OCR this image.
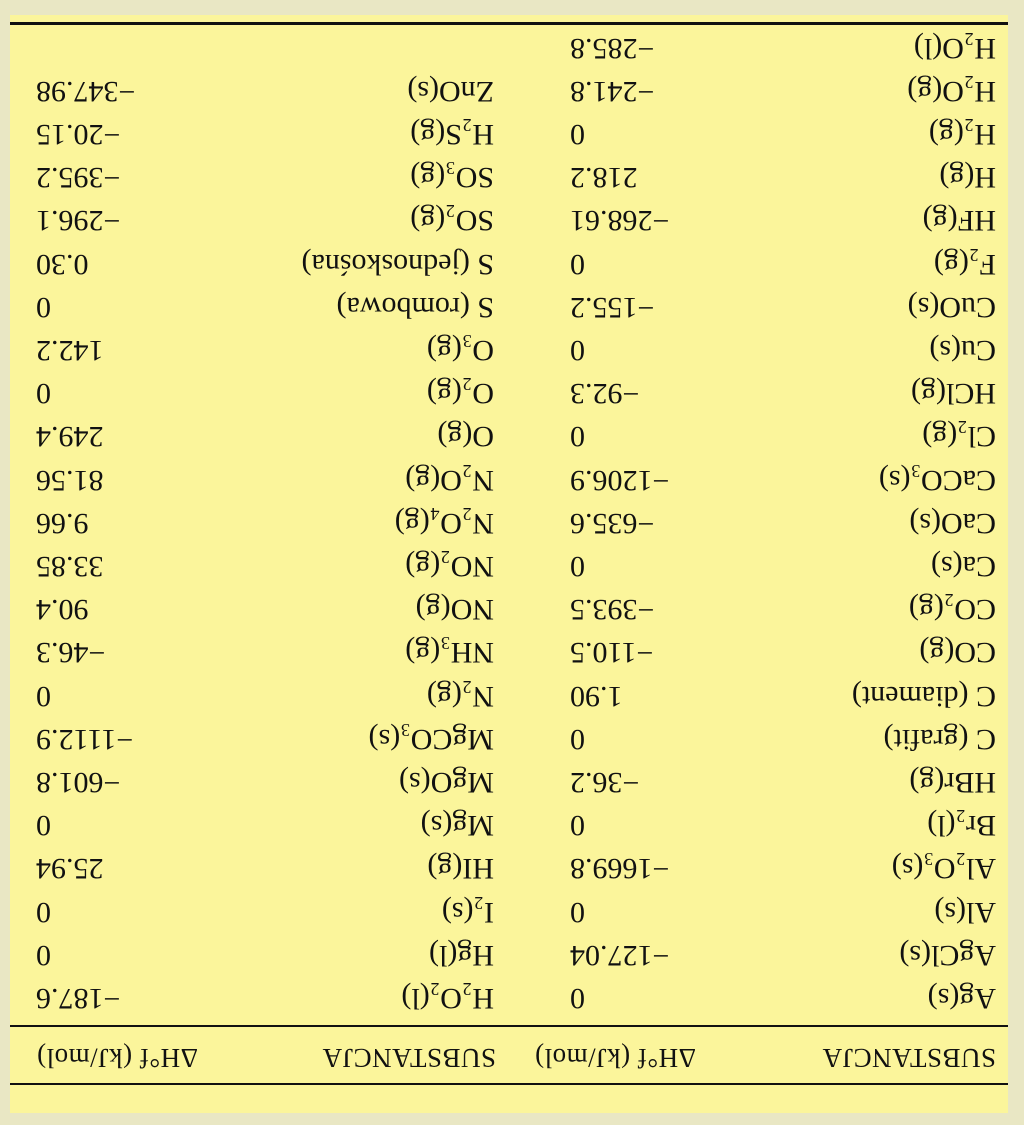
SUBSTANCJA
ΔH°f (kJ/mol)
SUBSTANCJA
ΔH°f (kJ/mol)
Ag(s)
0
H₂O₂(l)
−187.6
AgCl(s)
−127.04
Hg(l)
0
Al(s)
0
I₂(s)
0
Al₂O₃(s)
−1669.8
HI(g)
25.94
Br₂(l)
0
Mg(s)
0
HBr(g)
−36.2
MgO(s)
−601.8
C (grafit)
0
MgCO₃(s)
−1112.9
C (diament)
1.90
N₂(g)
0
CO(g)
−110.5
NH₃(g)
−46.3
CO₂(g)
−393.5
NO(g)
90.4
Ca(s)
0
NO₂(g)
33.85
CaO(s)
−635.6
N₂O₄(g)
9.66
CaCO₃(s)
−1206.9
N₂O(g)
81.56
Cl₂(g)
0
O(g)
249.4
HCl(g)
−92.3
O₂(g)
0
Cu(s)
0
O₃(g)
142.2
CuO(s)
−155.2
S (rombowa)
0
F₂(g)
0
S (jednoskośna)
0.30
HF(g)
−268.61
SO₂(g)
−296.1
H(g)
218.2
SO₃(g)
−395.2
H₂(g)
0
H₂S(g)
−20.15
H₂O(g)
−241.8
ZnO(s)
−347.98
H₂O(l)
−285.8
